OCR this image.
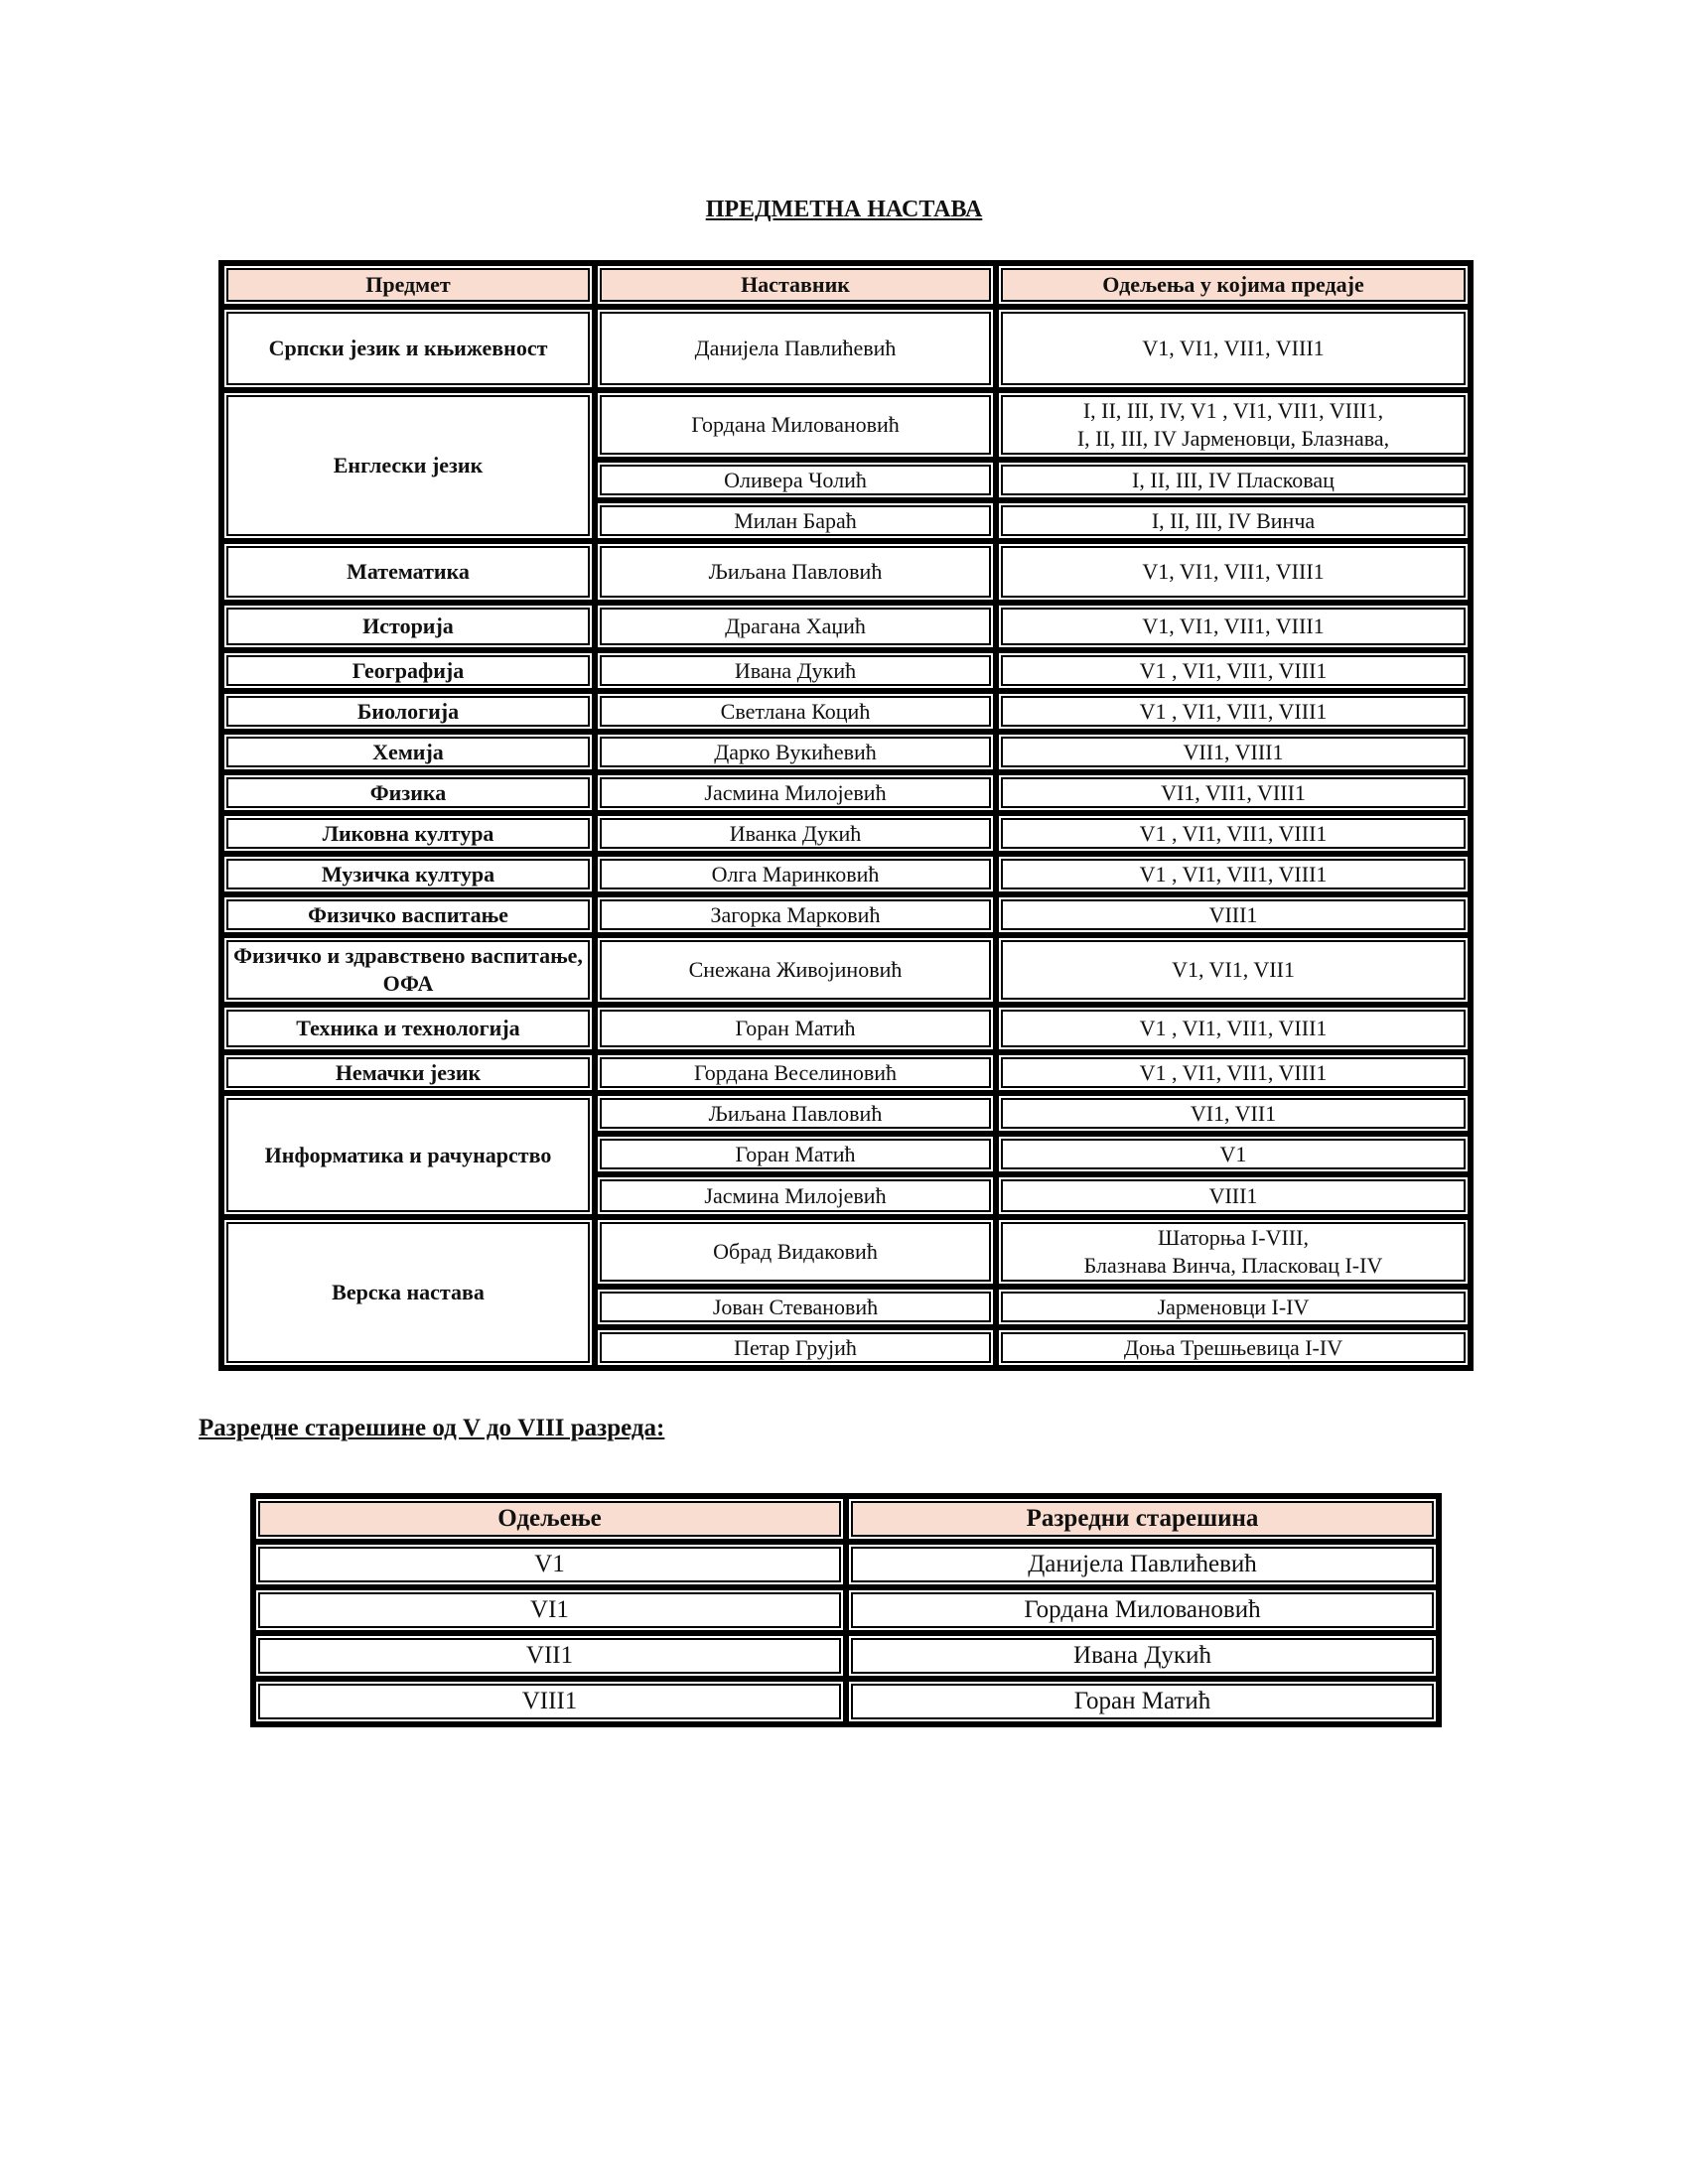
ПРЕДМЕТНА НАСТАВА
Предмет	Наставник	Одељења у којима предаје
Српски језик и књижевност	Данијела Павлићевић	V1, VI1, VII1, VIII1
Енглески језик	Гордана Миловановић	I, II, III, IV, V1 , VI1, VII1, VIII1,
I, II, III, IV Јарменовци, Блазнава,
	Оливера Чолић	I, II, III, IV Пласковац
	Милан Бараћ	I, II, III, IV Винча
Математика	Љиљана Павловић	V1, VI1, VII1, VIII1
Историја	Драгана Хаџић	V1, VI1, VII1, VIII1
Географија	Ивана Дукић	V1 , VI1, VII1, VIII1
Биологија	Светлана Коцић	V1 , VI1, VII1, VIII1
Хемија	Дарко Вукићевић	VII1, VIII1
Физика	Јасмина Милојевић	VI1, VII1, VIII1
Ликовна култура	Иванка Дукић	V1 , VI1, VII1, VIII1
Музичка култура	Олга Маринковић	V1 , VI1, VII1, VIII1
Физичко васпитање	Загорка Марковић	VIII1
Физичко и здравствено васпитање, ОФА	Снежана Живојиновић	V1, VI1, VII1
Техника и технологија	Горан Матић	V1 , VI1, VII1, VIII1
Немачки језик	Гордана Веселиновић	V1 , VI1, VII1, VIII1
Информатика и рачунарство	Љиљана Павловић	VI1, VII1
	Горан Матић	V1
	Јасмина Милојевић	VIII1
Верска настава	Обрад Видаковић	Шаторња I-VIII,
Блазнава Винча, Пласковац I-IV
	Јован Стевановић	Јарменовци I-IV
	Петар Грујић	Доња Трешњевица I-IV
Разредне старешине од V до VIII разреда:
Одељење	Разредни старешина
V1	Данијела Павлићевић
VI1	Гордана Миловановић
VII1	Ивана Дукић
VIII1	Горан Матић
